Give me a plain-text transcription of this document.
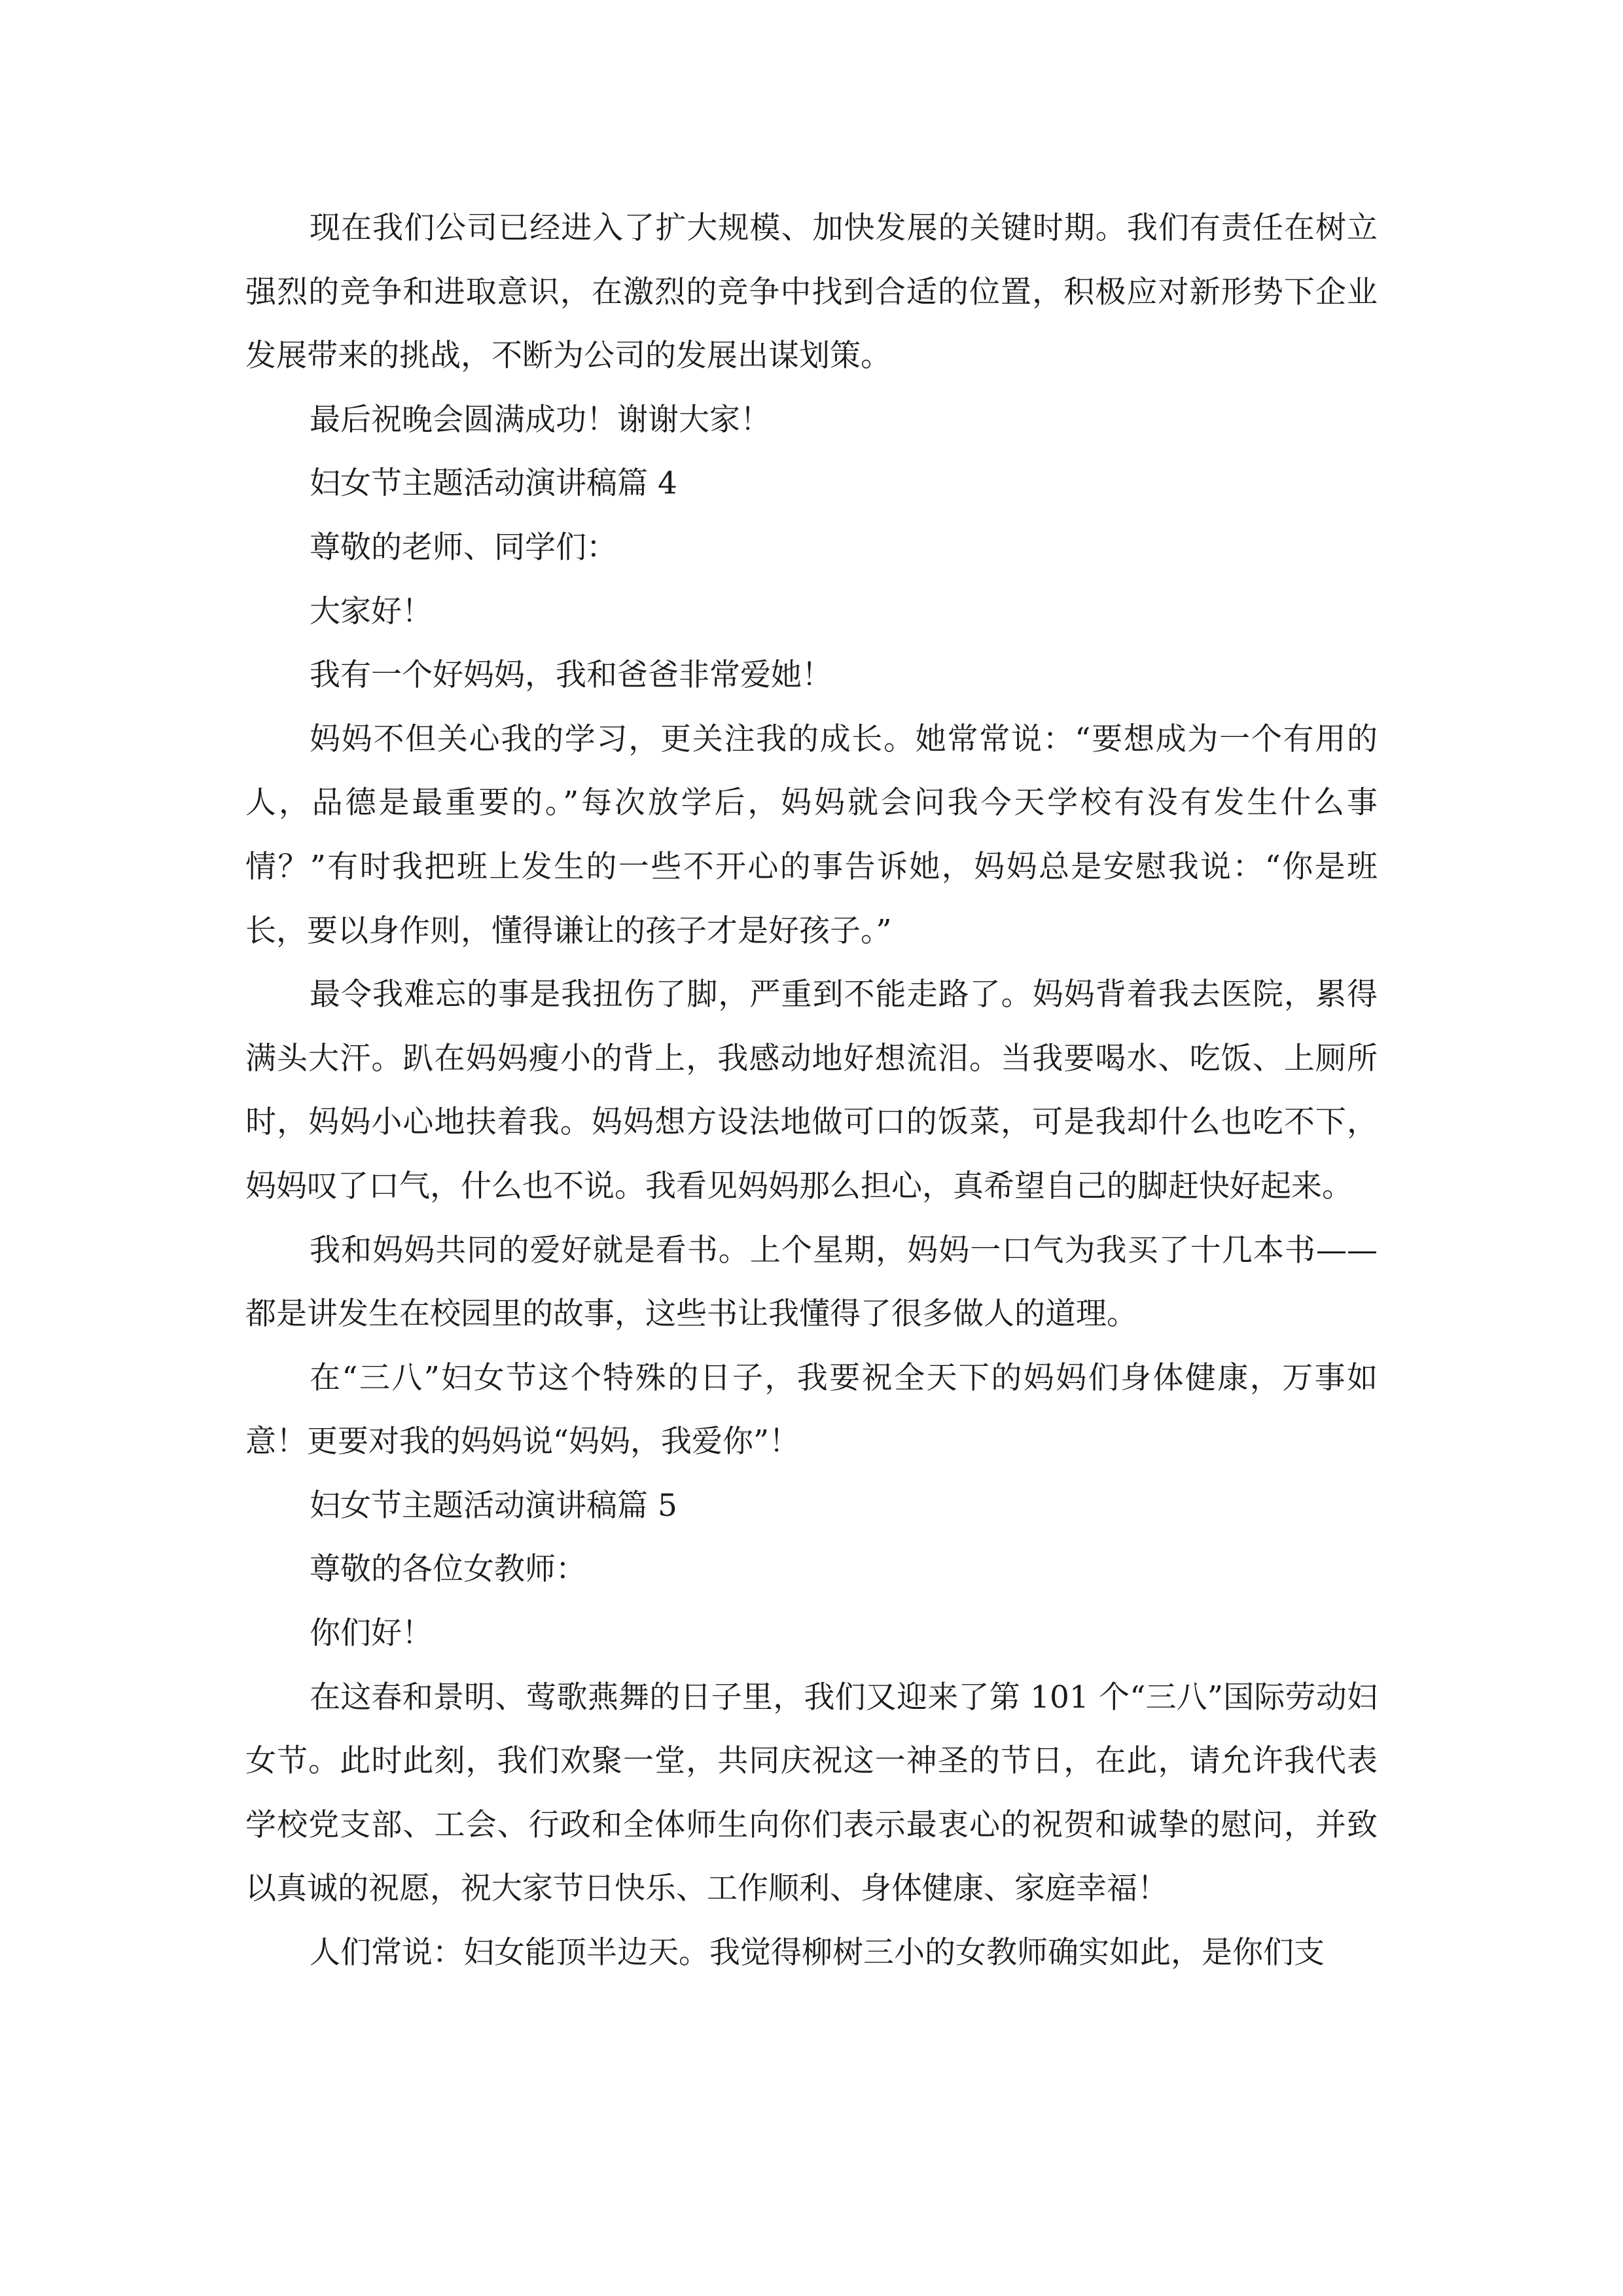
现在我们公司已经进入了扩大规模、加快发展的关键时期。我们有责任在树立强烈的竞争和进取意识，在激烈的竞争中找到合适的位置，积极应对新形势下企业发展带来的挑战，不断为公司的发展出谋划策。

最后祝晚会圆满成功！谢谢大家！

妇女节主题活动演讲稿篇 4

尊敬的老师、同学们：

大家好！

我有一个好妈妈，我和爸爸非常爱她！

妈妈不但关心我的学习，更关注我的成长。她常常说：“要想成为一个有用的人，品德是最重要的。”每次放学后，妈妈就会问我今天学校有没有发生什么事情？”有时我把班上发生的一些不开心的事告诉她，妈妈总是安慰我说：“你是班长，要以身作则，懂得谦让的孩子才是好孩子。”

最令我难忘的事是我扭伤了脚，严重到不能走路了。妈妈背着我去医院，累得满头大汗。趴在妈妈瘦小的背上，我感动地好想流泪。当我要喝水、吃饭、上厕所时，妈妈小心地扶着我。妈妈想方设法地做可口的饭菜，可是我却什么也吃不下，妈妈叹了口气，什么也不说。我看见妈妈那么担心，真希望自己的脚赶快好起来。

我和妈妈共同的爱好就是看书。上个星期，妈妈一口气为我买了十几本书——都是讲发生在校园里的故事，这些书让我懂得了很多做人的道理。

在“三八”妇女节这个特殊的日子，我要祝全天下的妈妈们身体健康，万事如意！更要对我的妈妈说“妈妈，我爱你”！

妇女节主题活动演讲稿篇 5

尊敬的各位女教师：

你们好！

在这春和景明、莺歌燕舞的日子里，我们又迎来了第 101 个“三八”国际劳动妇女节。此时此刻，我们欢聚一堂，共同庆祝这一神圣的节日，在此，请允许我代表学校党支部、工会、行政和全体师生向你们表示最衷心的祝贺和诚挚的慰问，并致以真诚的祝愿，祝大家节日快乐、工作顺利、身体健康、家庭幸福！

人们常说：妇女能顶半边天。我觉得柳树三小的女教师确实如此，是你们支
